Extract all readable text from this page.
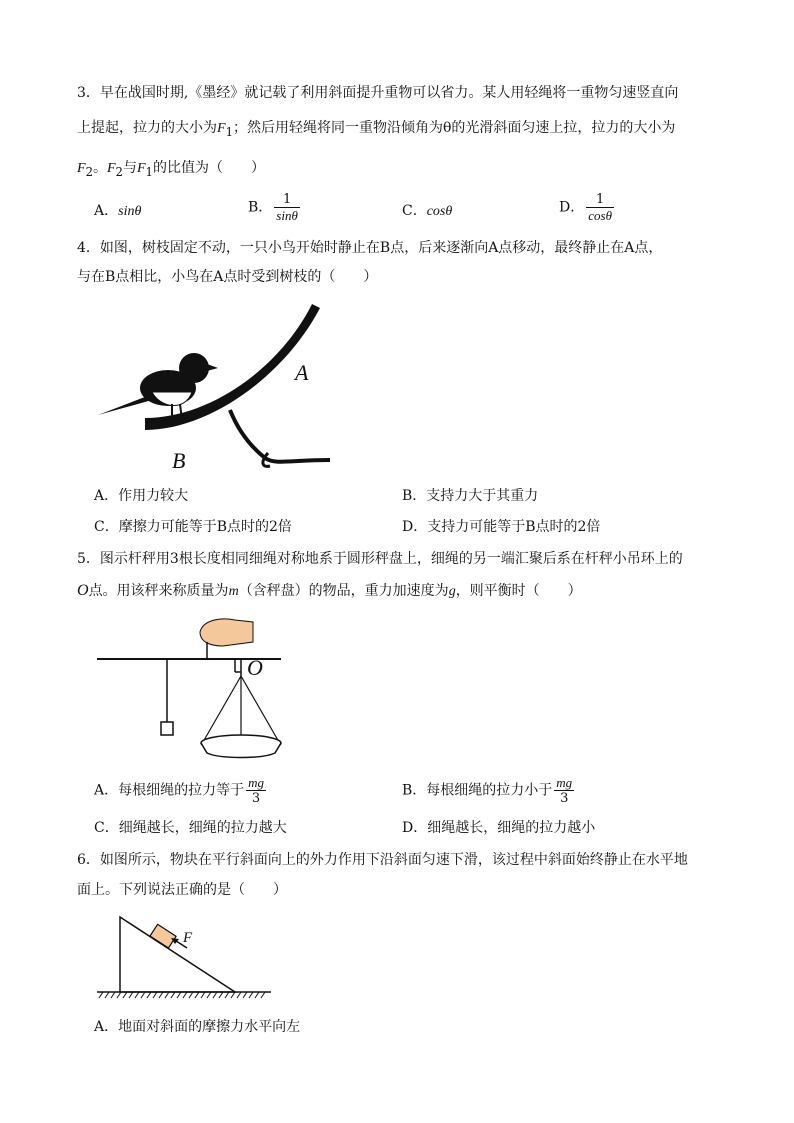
3．早在战国时期,《墨经》就记载了利用斜面提升重物可以省力。某人用轻绳将一重物匀速竖直向
上提起，拉力的大小为$F_1$；然后用轻绳将同一重物沿倾角为θ的光滑斜面匀速上拉，拉力的大小为
$F_2$。$F_2$与$F_1$的比值为（　　）
A．sinθ	B． $\frac{1}{\sin\theta}$	C．cosθ	D． $\frac{1}{\cos\theta}$
4．如图，树枝固定不动，一只小鸟开始时静止在B点，后来逐渐向A点移动，最终静止在A点，
与在B点相比，小鸟在A点时受到树枝的（　　）
A
B
A．作用力较大	B．支持力大于其重力
C．摩擦力可能等于B点时的2倍	D．支持力可能等于B点时的2倍
5．图示杆秤用3根长度相同细绳对称地系于圆形秤盘上，细绳的另一端汇聚后系在杆秤小吊环上的
O点。用该秤来称质量为m（含秤盘）的物品，重力加速度为g，则平衡时（　　）
O
A．每根细绳的拉力等于 $\frac{mg}{3}$	B．每根细绳的拉力小于 $\frac{mg}{3}$
C．细绳越长，细绳的拉力越大	D．细绳越长，细绳的拉力越小
6．如图所示，物块在平行斜面向上的外力作用下沿斜面匀速下滑，该过程中斜面始终静止在水平地
面上。下列说法正确的是（　　）
F
A．地面对斜面的摩擦力水平向左
